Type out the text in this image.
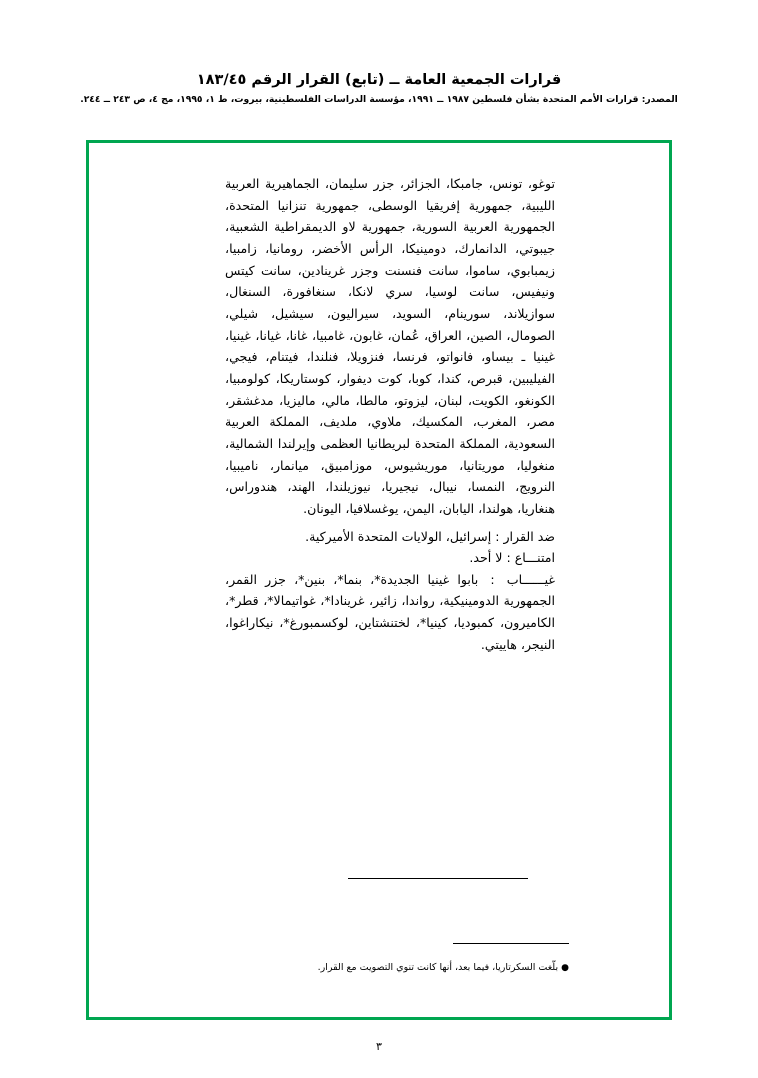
قرارات الجمعية العامة ــ (تابع) القرار الرقم ١٨٣/٤٥
المصدر: قرارات الأمم المتحدة بشأن فلسطين ١٩٨٧ ــ ١٩٩١، مؤسسة الدراسات الفلسطينية، بيروت، ط ١، ١٩٩٥، مج ٤، ص ٢٤٣ ــ ٢٤٤.

توغو، تونس، جامبكا، الجزائر، جزر سليمان، الجماهيرية العربية الليبية، جمهورية إفريقيا الوسطى، جمهورية تنزانيا المتحدة، الجمهورية العربية السورية، جمهورية لاو الديمقراطية الشعبية، جيبوتي، الدانمارك، دومينيكا، الرأس الأخضر، رومانيا، زامبيا، زيمبابوي، ساموا، سانت فنسنت وجزر غرينادين، سانت كيتس ونيفيس، سانت لوسيا، سري لانكا، سنغافورة، السنغال، سوازيلاند، سورينام، السويد، سيراليون، سيشيل، شيلي، الصومال، الصين، العراق، عُمان، غابون، غامبيا، غانا، غيانا، غينيا، غينيا ـ بيساو، فانواتو، فرنسا، فنزويلا، فنلندا، فيتنام، فيجي، الفيليبين، قبرص، كندا، كوبا، كوت ديفوار، كوستاريكا، كولومبيا، الكونغو، الكويت، لبنان، ليزوتو، مالطا، مالي، ماليزيا، مدغشقر، مصر، المغرب، المكسيك، ملاوي، ملديف، المملكة العربية السعودية، المملكة المتحدة لبريطانيا العظمى وإيرلندا الشمالية، منغوليا، موريتانيا، موريشيوس، موزامبيق، ميانمار، ناميبيا، النرويج، النمسا، نيبال، نيجيريا، نيوزيلندا، الهند، هندوراس، هنغاريا، هولندا، اليابان، اليمن، يوغسلافيا، اليونان.

ضد القرار
:
إسرائيل، الولايات المتحدة الأميركية.
امتنـــاع
:
لا أحد.
غيــــــاب : بابوا غينيا الجديدة*، بنما*، بنين*، جزر القمر، الجمهورية الدومينيكية، رواندا، زائير، غرينادا*، غواتيمالا*، قطر*، الكاميرون، كمبوديا، كينيا*، لختنشتاين، لوكسمبورغ*، نيكاراغوا، النيجر، هاييتي.
● بلّغت السكرتاريا، فيما بعد، أنها كانت تنوي التصويت مع القرار.
٣
